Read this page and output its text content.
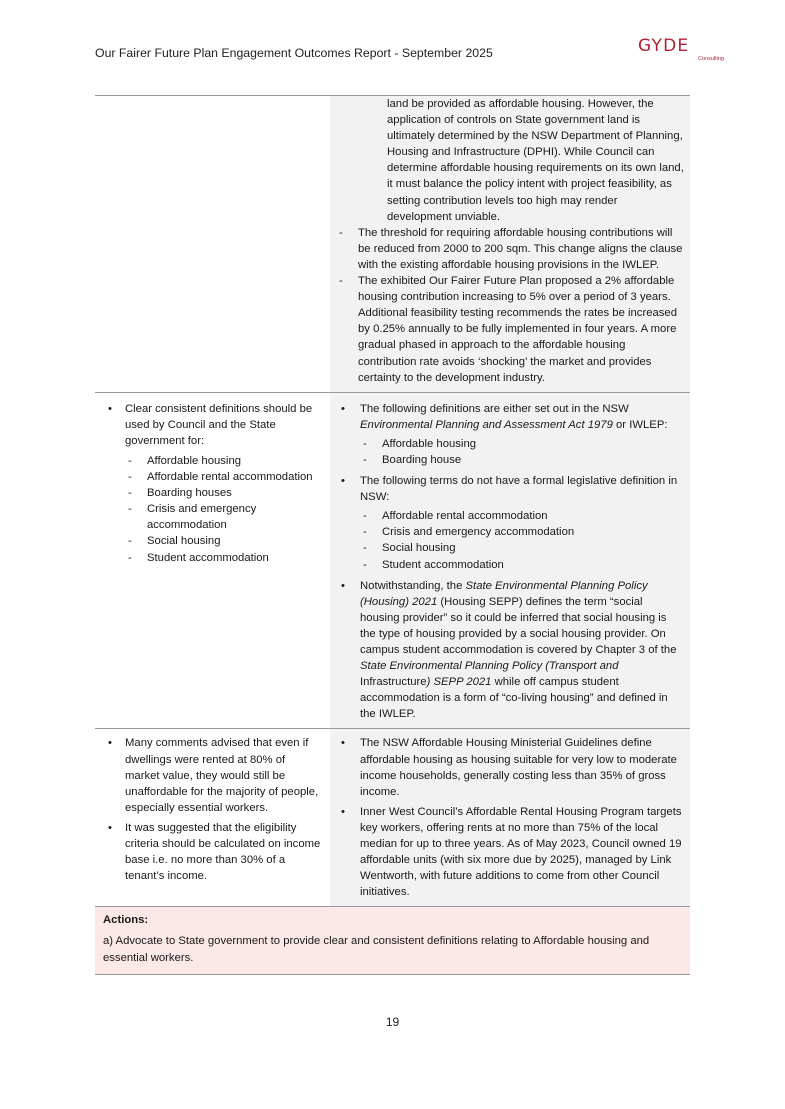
Our Fairer Future Plan Engagement Outcomes Report - September 2025	GYDE
Consulting
land be provided as affordable housing. However, the application of controls on State government land is ultimately determined by the NSW Department of Planning, Housing and Infrastructure (DPHI). While Council can determine affordable housing requirements on its own land, it must balance the policy intent with project feasibility, as setting contribution levels too high may render development unviable.
- The threshold for requiring affordable housing contributions will be reduced from 2000 to 200 sqm. This change aligns the clause with the existing affordable housing provisions in the IWLEP.
- The exhibited Our Fairer Future Plan proposed a 2% affordable housing contribution increasing to 5% over a period of 3 years. Additional feasibility testing recommends the rates be increased by 0.25% annually to be fully implemented in four years. A more gradual phased in approach to the affordable housing contribution rate avoids ‘shocking’ the market and provides certainty to the development industry.
• Clear consistent definitions should be used by Council and the State government for:
- Affordable housing
- Affordable rental accommodation
- Boarding houses
- Crisis and emergency accommodation
- Social housing
- Student accommodation
• The following definitions are either set out in the NSW Environmental Planning and Assessment Act 1979 or IWLEP:
- Affordable housing
- Boarding house
• The following terms do not have a formal legislative definition in NSW:
- Affordable rental accommodation
- Crisis and emergency accommodation
- Social housing
- Student accommodation
• Notwithstanding, the State Environmental Planning Policy (Housing) 2021 (Housing SEPP) defines the term “social housing provider” so it could be inferred that social housing is the type of housing provided by a social housing provider. On campus student accommodation is covered by Chapter 3 of the State Environmental Planning Policy (Transport and Infrastructure) SEPP 2021 while off campus student accommodation is a form of “co-living housing” and defined in the IWLEP.
• Many comments advised that even if dwellings were rented at 80% of market value, they would still be unaffordable for the majority of people, especially essential workers.
• It was suggested that the eligibility criteria should be calculated on income base i.e. no more than 30% of a tenant’s income.
• The NSW Affordable Housing Ministerial Guidelines define affordable housing as housing suitable for very low to moderate income households, generally costing less than 35% of gross income.
• Inner West Council’s Affordable Rental Housing Program targets key workers, offering rents at no more than 75% of the local median for up to three years. As of May 2023, Council owned 19 affordable units (with six more due by 2025), managed by Link Wentworth, with future additions to come from other Council initiatives.
Actions:
a) Advocate to State government to provide clear and consistent definitions relating to Affordable housing and essential workers.
19
